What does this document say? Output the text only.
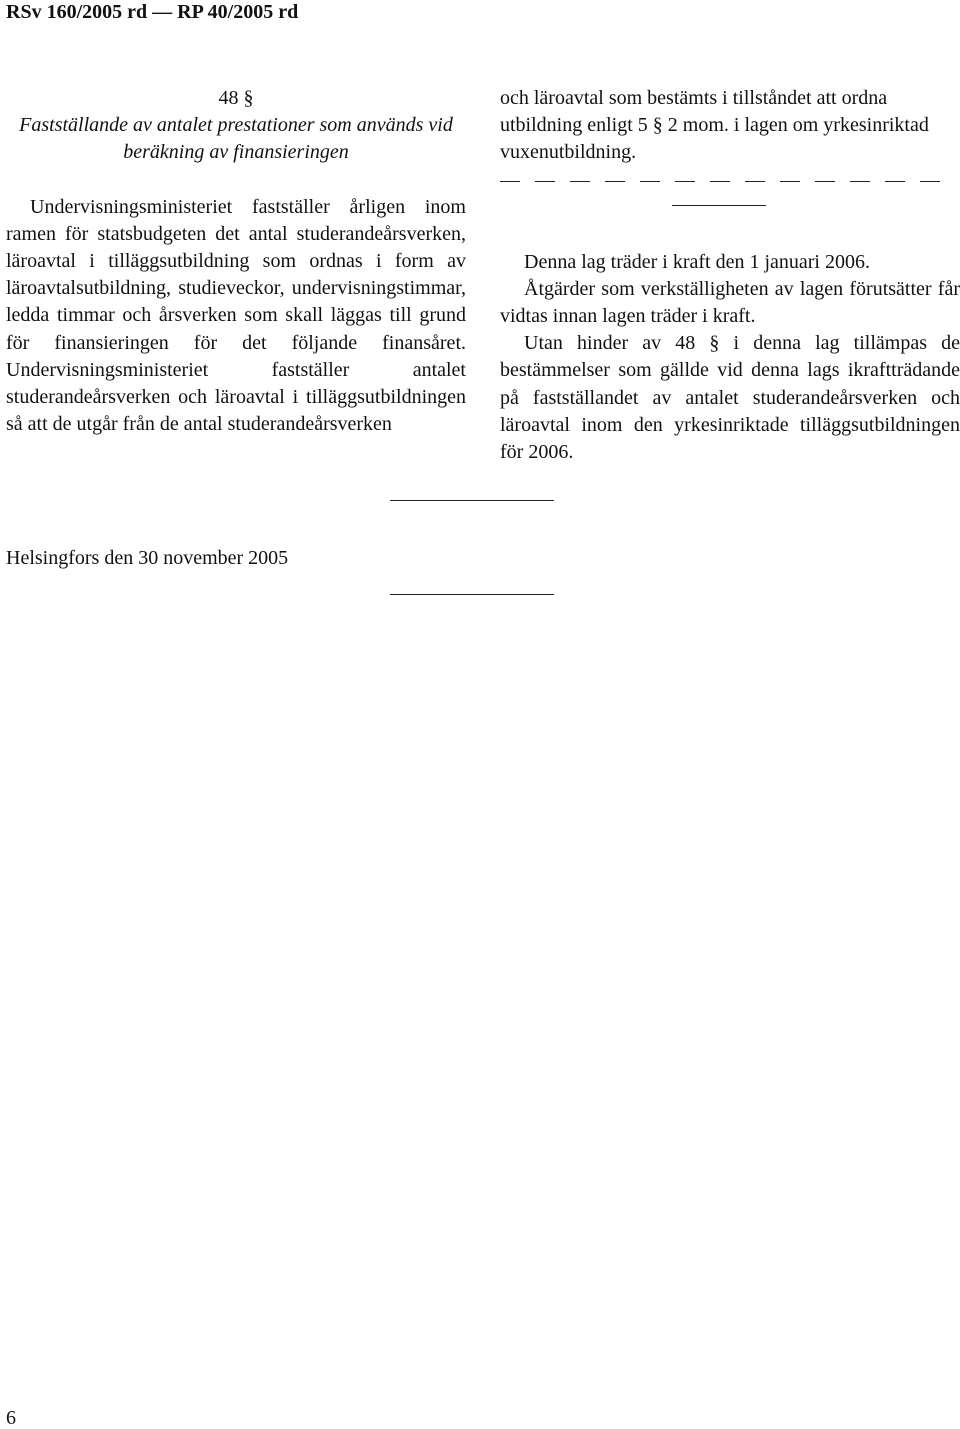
RSv 160/2005 rd — RP 40/2005 rd

48 §

Fastställande av antalet prestationer som används vid beräkning av finansieringen

Undervisningsministeriet fastställer årligen inom ramen för statsbudgeten det antal studerandeårsverken, läroavtal i tilläggsutbildning som ordnas i form av läroavtalsutbildning, studieveckor, undervisningstimmar, ledda timmar och årsverken som skall läggas till grund för finansieringen för det följande finansåret. Undervisningsministeriet fastställer antalet studerandeårsverken och läroavtal i tilläggsutbildningen så att de utgår från de antal studerandeårsverken

och läroavtal som bestämts i tillståndet att ordna utbildning enligt 5 § 2 mom. i lagen om yrkesinriktad vuxenutbildning.

Denna lag träder i kraft den 1 januari 2006.

Åtgärder som verkställigheten av lagen förutsätter får vidtas innan lagen träder i kraft.

Utan hinder av 48 § i denna lag tillämpas de bestämmelser som gällde vid denna lags ikraftträdande på fastställandet av antalet studerandeårsverken och läroavtal inom den yrkesinriktade tilläggsutbildningen för 2006.

Helsingfors den 30 november 2005
6
